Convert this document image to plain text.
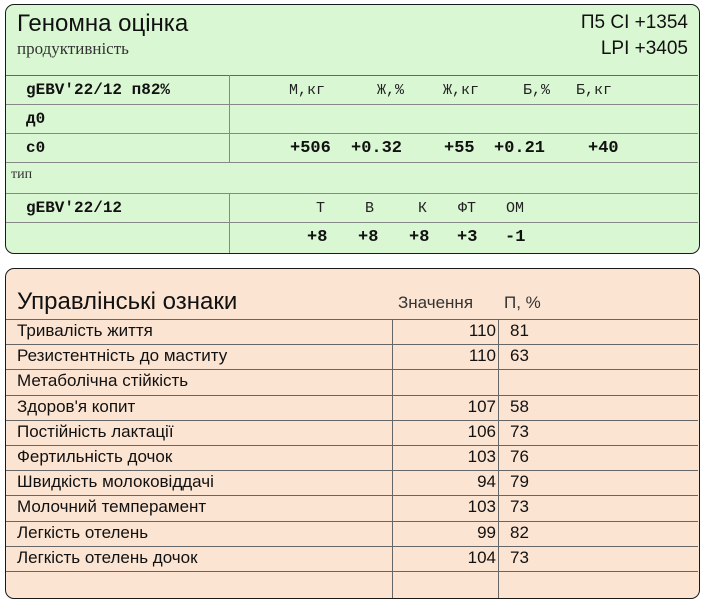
Геномна оцінка
продуктивність
П5 CI +1354
LPI +3405
gEBV'22/12 п82%	М,кг	Ж,%	Ж,кг	Б,% Б,кг
д0
с0	+506 +0.32 +55 +0.21	+40
тип
gEBV'22/12	Т	В	К ФТ ОМ
+8 +8 +8 +3 -1
Управлінські ознаки	Значення П, %
Тривалість життя	110 81
Резистентність до маститу	110 63
Метаболічна стійкість
Здоров'я копит	107 58
Постійність лактації	106 73
Фертильність дочок	103 76
Швидкість молоковіддачі	94 79
Молочний темперамент	103 73
Легкість отелень	99 82
Легкість отелень дочок	104 73
